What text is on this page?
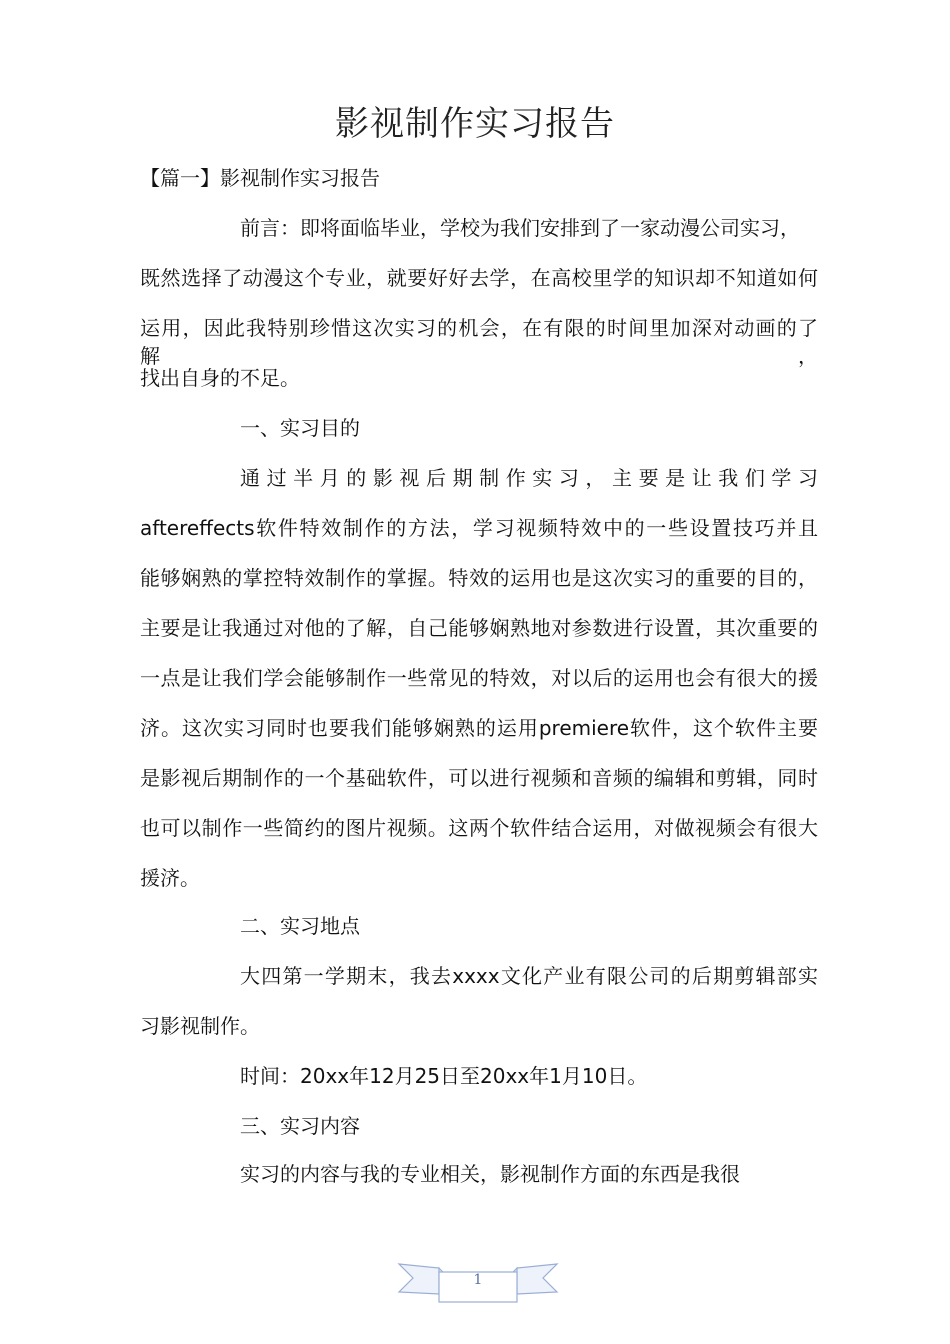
影视制作实习报告
【篇一】影视制作实习报告
前言：即将面临毕业，学校为我们安排到了一家动漫公司实习，
既然选择了动漫这个专业，就要好好去学，在高校里学的知识却不知道如何
运用，因此我特别珍惜这次实习的机会，在有限的时间里加深对动画的了解，
找出自身的不足。
一、实习目的
通过半月的影视后期制作实习，主要是让我们学习
aftereffects软件特效制作的方法，学习视频特效中的一些设置技巧并且
能够娴熟的掌控特效制作的掌握。特效的运用也是这次实习的重要的目的，
主要是让我通过对他的了解，自己能够娴熟地对参数进行设置，其次重要的
一点是让我们学会能够制作一些常见的特效，对以后的运用也会有很大的援
济。这次实习同时也要我们能够娴熟的运用premiere软件，这个软件主要
是影视后期制作的一个基础软件，可以进行视频和音频的编辑和剪辑，同时
也可以制作一些简约的图片视频。这两个软件结合运用，对做视频会有很大
援济。
二、实习地点
大四第一学期末，我去xxxx文化产业有限公司的后期剪辑部实
习影视制作。
时间：20xx年12月25日至20xx年1月10日。
三、实习内容
实习的内容与我的专业相关，影视制作方面的东西是我很
1
